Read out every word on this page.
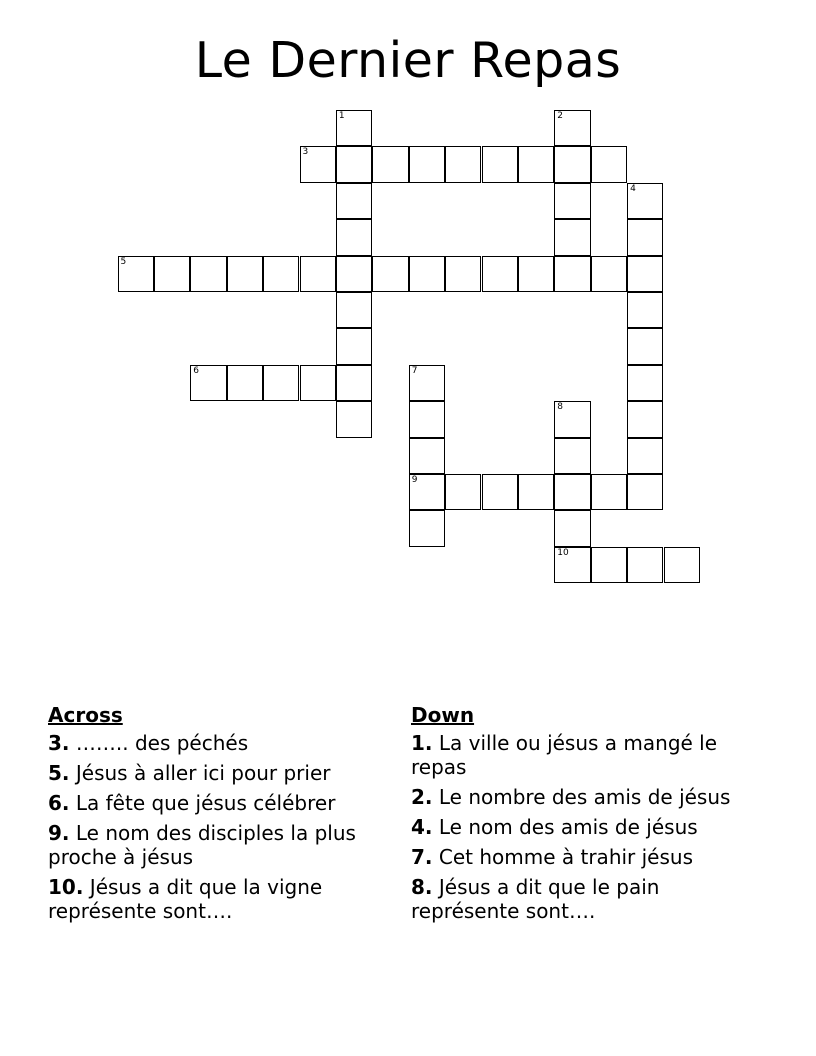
Le Dernier Repas
1	2
3
4
5
6	7
8
9
10
Across
3. …….. des péchés
5. Jésus à aller ici pour prier
6. La fête que jésus célébrer
9. Le nom des disciples la plus proche à jésus
10. Jésus a dit que la vigne représente sont….
Down
1. La ville ou jésus a mangé le repas
2. Le nombre des amis de jésus
4. Le nom des amis de jésus
7. Cet homme à trahir jésus
8. Jésus a dit que le pain représente sont….
